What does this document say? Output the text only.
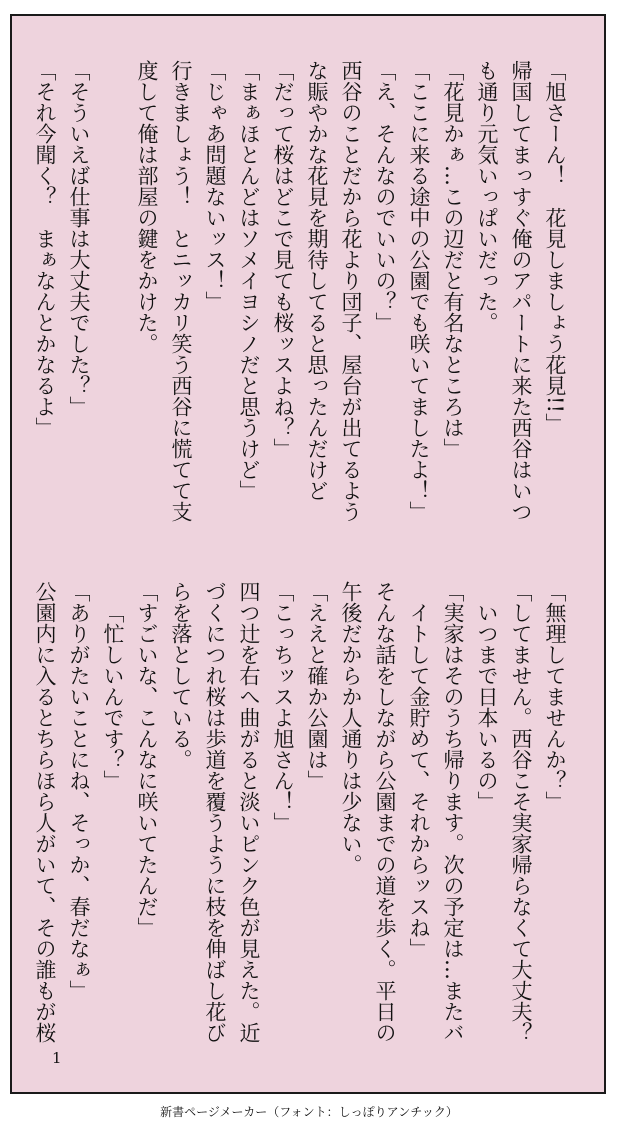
「旭さーん！　花見しましょう花見!!」
帰国してまっすぐ俺のアパートに来た西谷はいつ
も通り元気いっぱいだった。
「花見かぁ…この辺だと有名なところは」
「ここに来る途中の公園でも咲いてましたよ！」
「え、そんなのでいいの？」
西谷のことだから花より団子、屋台が出てるよう
な賑やかな花見を期待してると思ったんだけど
「だって桜はどこで見ても桜ッスよね？」
「まぁほとんどはソメイヨシノだと思うけど」
「じゃあ問題ないッス！」
行きましょう！　とニッカリ笑う西谷に慌てて支
度して俺は部屋の鍵をかけた。

「そういえば仕事は大丈夫でした？」
「それ今聞く？　まぁなんとかなるよ」
「無理してませんか？」
「してません。西谷こそ実家帰らなくて大丈夫？
いつまで日本いるの」
「実家はそのうち帰ります。次の予定は…またバ
イトして金貯めて、それからッスね」
そんな話をしながら公園までの道を歩く。平日の
午後だからか人通りは少ない。
「ええと確か公園は」
「こっちッスよ旭さん！」
四つ辻を右へ曲がると淡いピンク色が見えた。近
づくにつれ桜は歩道を覆うように枝を伸ばし花び
らを落としている。
「すごいな、こんなに咲いてたんだ」
「忙しいんです？」
「ありがたいことにね、そっか、春だなぁ」
公園内に入るとちらほら人がいて、その誰もが桜
1
新書ページメーカー（フォント：しっぽりアンチック）
